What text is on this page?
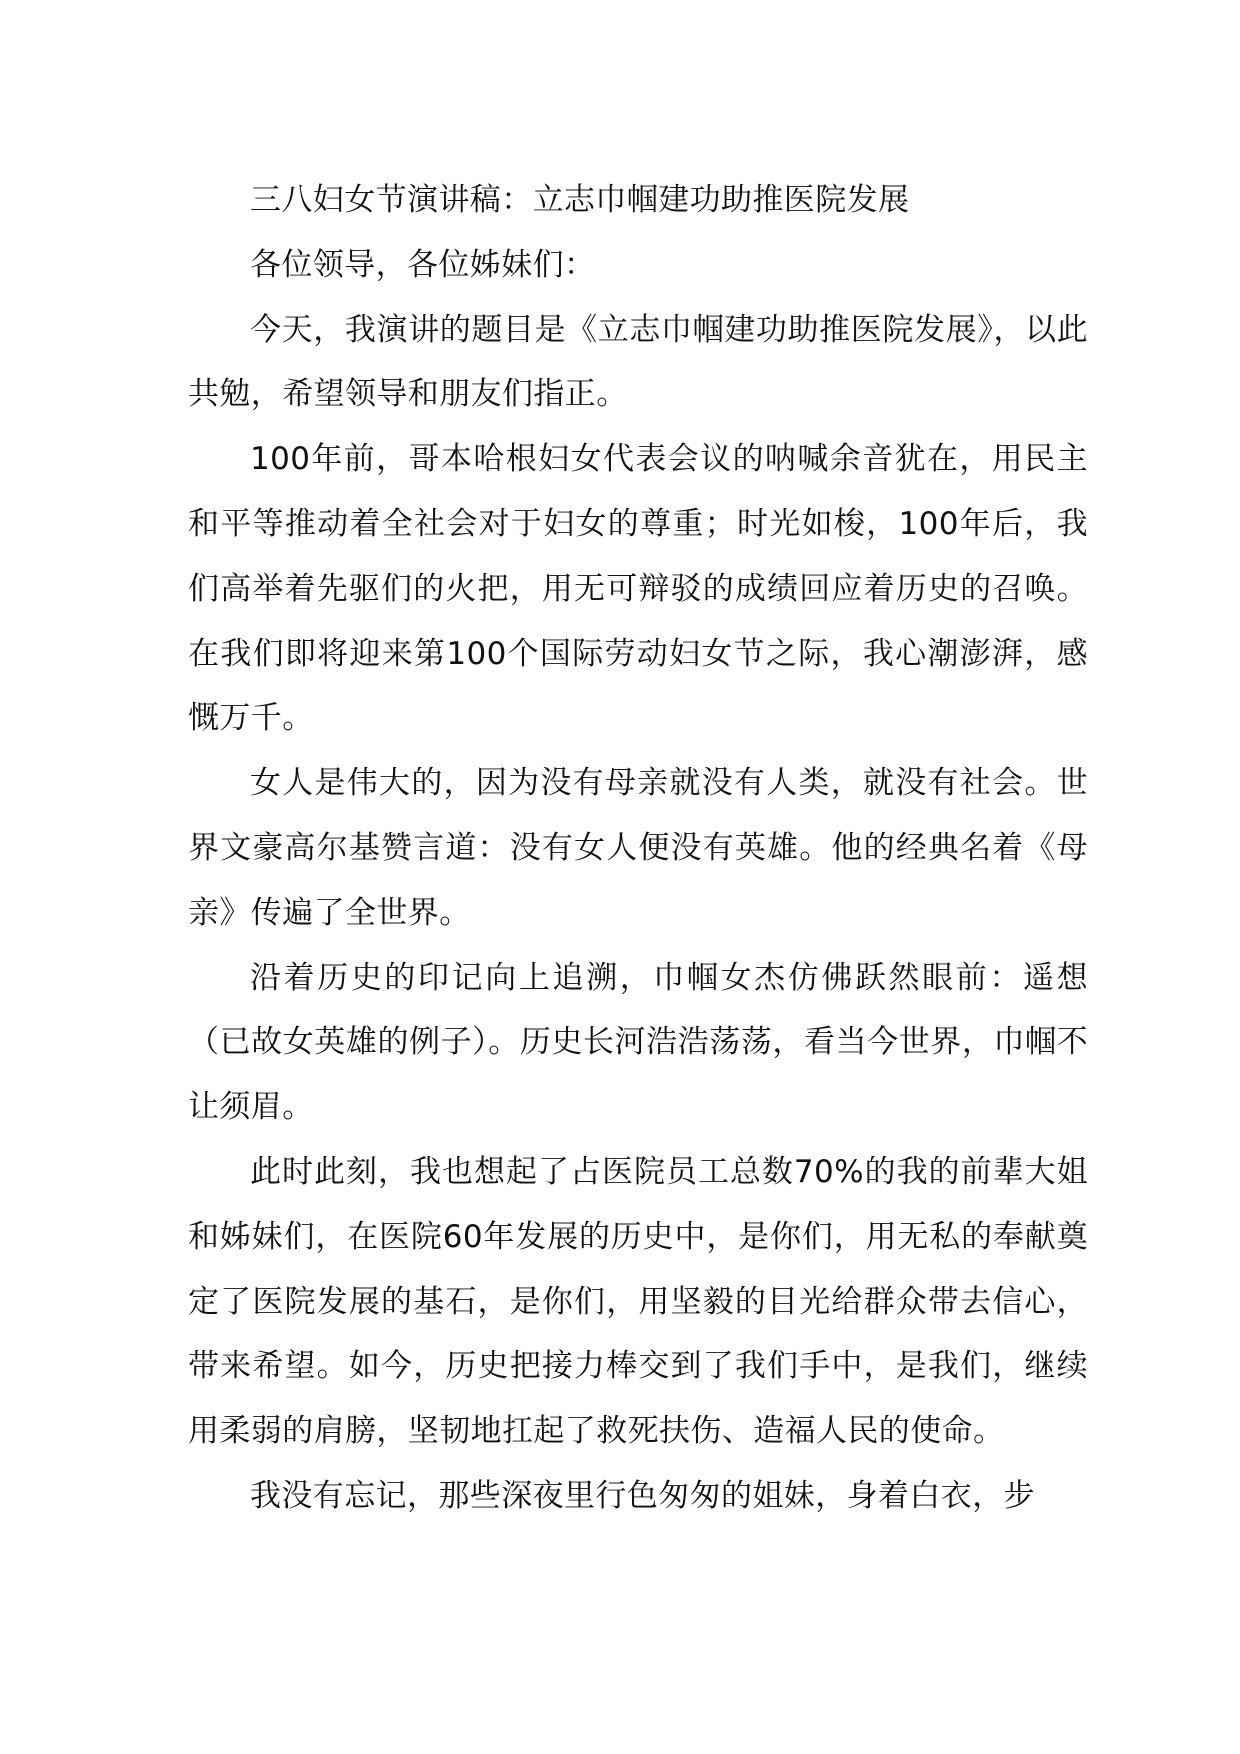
三八妇女节演讲稿：立志巾帼建功助推医院发展

各位领导，各位姊妹们：

今天，我演讲的题目是《立志巾帼建功助推医院发展》，以此共勉，希望领导和朋友们指正。

100年前，哥本哈根妇女代表会议的呐喊余音犹在，用民主和平等推动着全社会对于妇女的尊重；时光如梭，100年后，我们高举着先驱们的火把，用无可辩驳的成绩回应着历史的召唤。在我们即将迎来第100个国际劳动妇女节之际，我心潮澎湃，感慨万千。

女人是伟大的，因为没有母亲就没有人类，就没有社会。世界文豪高尔基赞言道：没有女人便没有英雄。他的经典名着《母亲》传遍了全世界。

沿着历史的印记向上追溯，巾帼女杰仿佛跃然眼前：遥想（已故女英雄的例子）。历史长河浩浩荡荡，看当今世界，巾帼不让须眉。

此时此刻，我也想起了占医院员工总数70%的我的前辈大姐和姊妹们，在医院60年发展的历史中，是你们，用无私的奉献奠定了医院发展的基石，是你们，用坚毅的目光给群众带去信心，带来希望。如今，历史把接力棒交到了我们手中，是我们，继续用柔弱的肩膀，坚韧地扛起了救死扶伤、造福人民的使命。

我没有忘记，那些深夜里行色匆匆的姐妹，身着白衣，步
